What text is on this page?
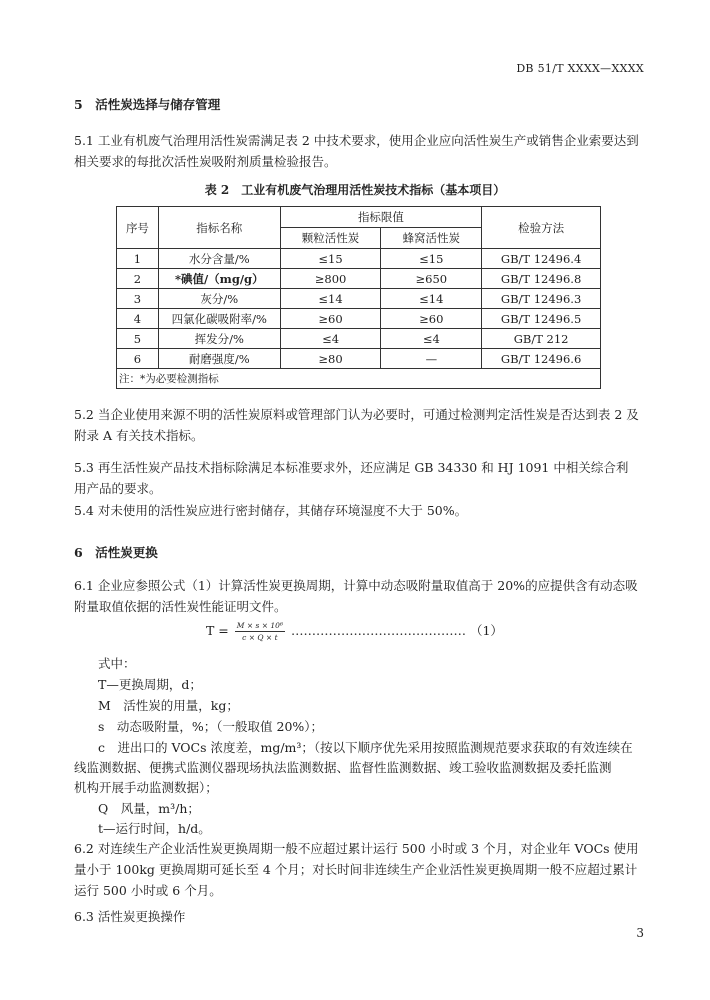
DB 51/T XXXX—XXXX
5　活性炭选择与储存管理
5.1 工业有机废气治理用活性炭需满足表 2 中技术要求，使用企业应向活性炭生产或销售企业索要达到相关要求的每批次活性炭吸附剂质量检验报告。
表 2　工业有机废气治理用活性炭技术指标（基本项目）
序号	指标名称	指标限值		检验方法
		颗粒活性炭	蜂窝活性炭	
1	水分含量/%	≤15	≤15	GB/T 12496.4
2	*碘值/（mg/g）	≥800	≥650	GB/T 12496.8
3	灰分/%	≤14	≤14	GB/T 12496.3
4	四氯化碳吸附率/%	≥60	≥60	GB/T 12496.5
5	挥发分/%	≤4	≤4	GB/T 212
6	耐磨强度/%	≥80	—	GB/T 12496.6
注：*为必要检测指标				
5.2 当企业使用来源不明的活性炭原料或管理部门认为必要时，可通过检测判定活性炭是否达到表 2 及附录 A 有关技术指标。
5.3 再生活性炭产品技术指标除满足本标准要求外，还应满足 GB 34330 和 HJ 1091 中相关综合利用产品的要求。
5.4 对未使用的活性炭应进行密封储存，其储存环境湿度不大于 50%。
6　活性炭更换
6.1 企业应参照公式（1）计算活性炭更换周期，计算中动态吸附量取值高于 20%的应提供含有动态吸附量取值依据的活性炭性能证明文件。
$T = \frac{\text{M × s × 10⁶}}{c \times Q \times t}$ …………………………………… （1）
式中：
T—更换周期，d；
M　活性炭的用量，kg；
s　动态吸附量，%；（一般取值 20%）；
c　进出口的 VOCs 浓度差，mg/m³；（按以下顺序优先采用按照监测规范要求获取的有效连续在
线监测数据、便携式监测仪器现场执法监测数据、监督性监测数据、竣工验收监测数据及委托监测
机构开展手动监测数据）；
Q　风量，m³/h；
t—运行时间，h/d。
6.2 对连续生产企业活性炭更换周期一般不应超过累计运行 500 小时或 3 个月，对企业年 VOCs 使用量小于 100kg 更换周期可延长至 4 个月；对长时间非连续生产企业活性炭更换周期一般不应超过累计运行 500 小时或 6 个月。
6.3 活性炭更换操作
3
